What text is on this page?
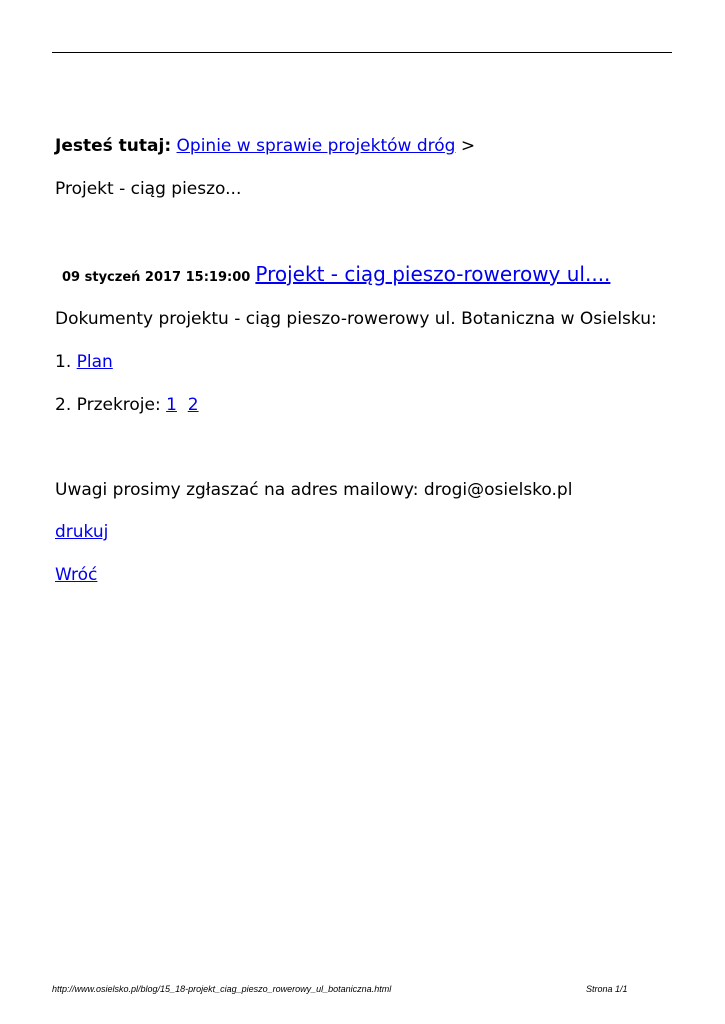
Jesteś tutaj: Opinie w sprawie projektów dróg >
Projekt - ciąg pieszo...
09 styczeń 2017 15:19:00 Projekt - ciąg pieszo-rowerowy ul....
Dokumenty projektu - ciąg pieszo-rowerowy ul. Botaniczna w Osielsku:
1. Plan
2. Przekroje: 1 2
Uwagi prosimy zgłaszać na adres mailowy: drogi@osielsko.pl
drukuj
Wróć
http://www.osielsko.pl/blog/15_18-projekt_ciag_pieszo_rowerowy_ul_botaniczna.html	Strona 1/1
